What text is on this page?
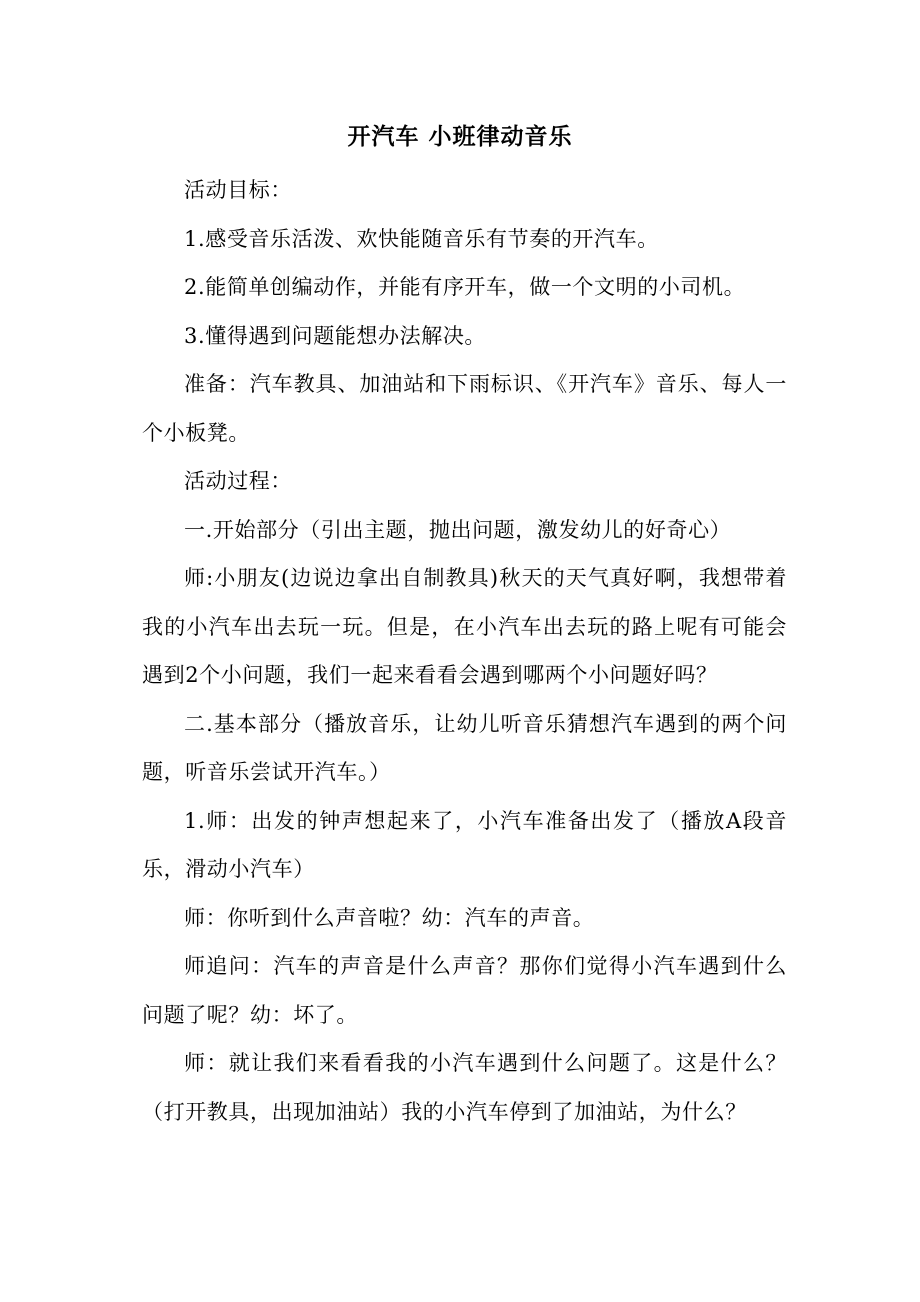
开汽车 小班律动音乐

活动目标：

1.感受音乐活泼、欢快能随音乐有节奏的开汽车。

2.能简单创编动作，并能有序开车，做一个文明的小司机。

3.懂得遇到问题能想办法解决。

准备：汽车教具、加油站和下雨标识、《开汽车》音乐、每人一个小板凳。

活动过程：

一.开始部分（引出主题，抛出问题，激发幼儿的好奇心）

师:小朋友(边说边拿出自制教具)秋天的天气真好啊，我想带着我的小汽车出去玩一玩。但是，在小汽车出去玩的路上呢有可能会遇到2个小问题，我们一起来看看会遇到哪两个小问题好吗？

二.基本部分（播放音乐，让幼儿听音乐猜想汽车遇到的两个问题，听音乐尝试开汽车。）

1.师：出发的钟声想起来了，小汽车准备出发了（播放A段音乐，滑动小汽车）

师：你听到什么声音啦？幼：汽车的声音。

师追问：汽车的声音是什么声音？那你们觉得小汽车遇到什么问题了呢？幼：坏了。

师：就让我们来看看我的小汽车遇到什么问题了。这是什么？（打开教具，出现加油站）我的小汽车停到了加油站，为什么？
